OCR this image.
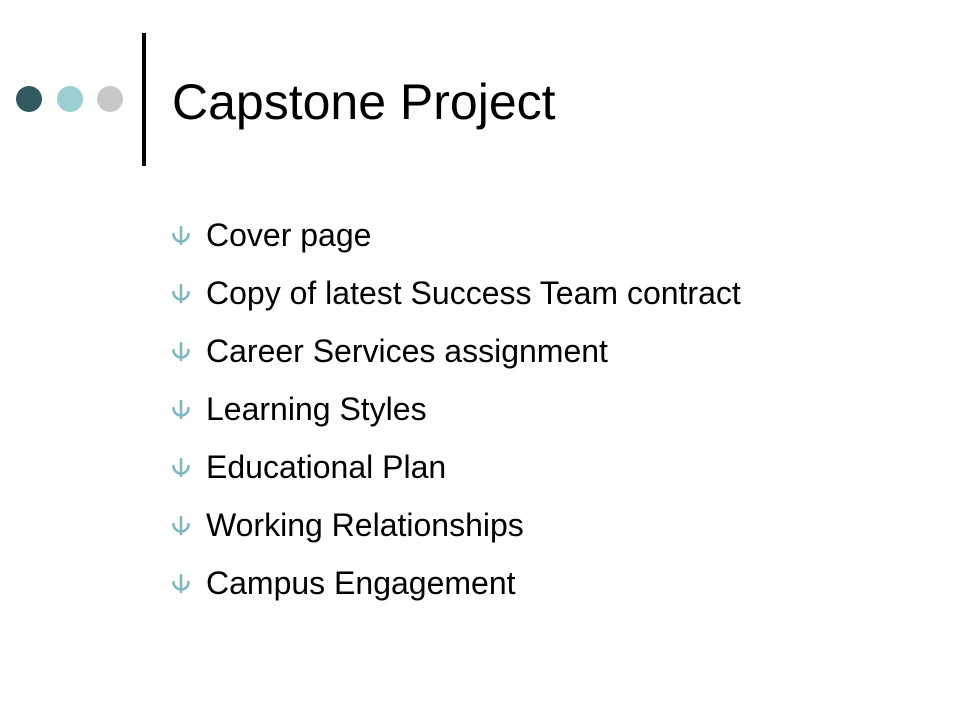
Capstone Project
Cover page
Copy of latest Success Team contract
Career Services assignment
Learning Styles
Educational Plan
Working Relationships
Campus Engagement
